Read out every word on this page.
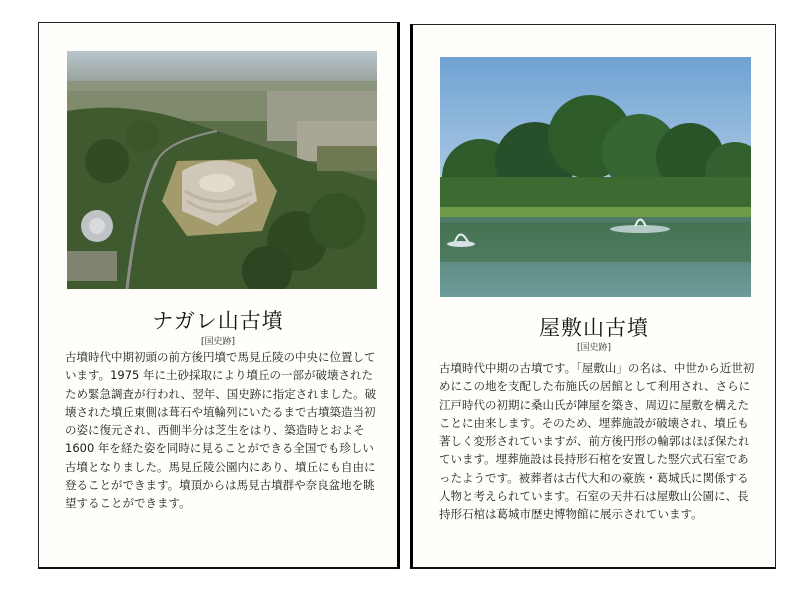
ナガレ山古墳
[国史跡]
古墳時代中期初頭の前方後円墳で馬見丘陵の中央に位置しています。1975 年に土砂採取により墳丘の一部が破壊されたため緊急調査が行われ、翌年、国史跡に指定されました。破壊された墳丘東側は葺石や埴輪列にいたるまで古墳築造当初の姿に復元され、西側半分は芝生をはり、築造時とおよそ 1600 年を経た姿を同時に見ることができる全国でも珍しい古墳となりました。馬見丘陵公園内にあり、墳丘にも自由に登ることができます。墳頂からは馬見古墳群や奈良盆地を眺望することができます。
屋敷山古墳
[国史跡]
古墳時代中期の古墳です。「屋敷山」の名は、中世から近世初めにこの地を支配した布施氏の居館として利用され、さらに江戸時代の初期に桑山氏が陣屋を築き、周辺に屋敷を構えたことに由来します。そのため、埋葬施設が破壊され、墳丘も著しく変形されていますが、前方後円形の輪郭はほぼ保たれています。埋葬施設は長持形石棺を安置した竪穴式石室であったようです。被葬者は古代大和の豪族・葛城氏に関係する人物と考えられています。石室の天井石は屋敷山公園に、長持形石棺は葛城市歴史博物館に展示されています。
